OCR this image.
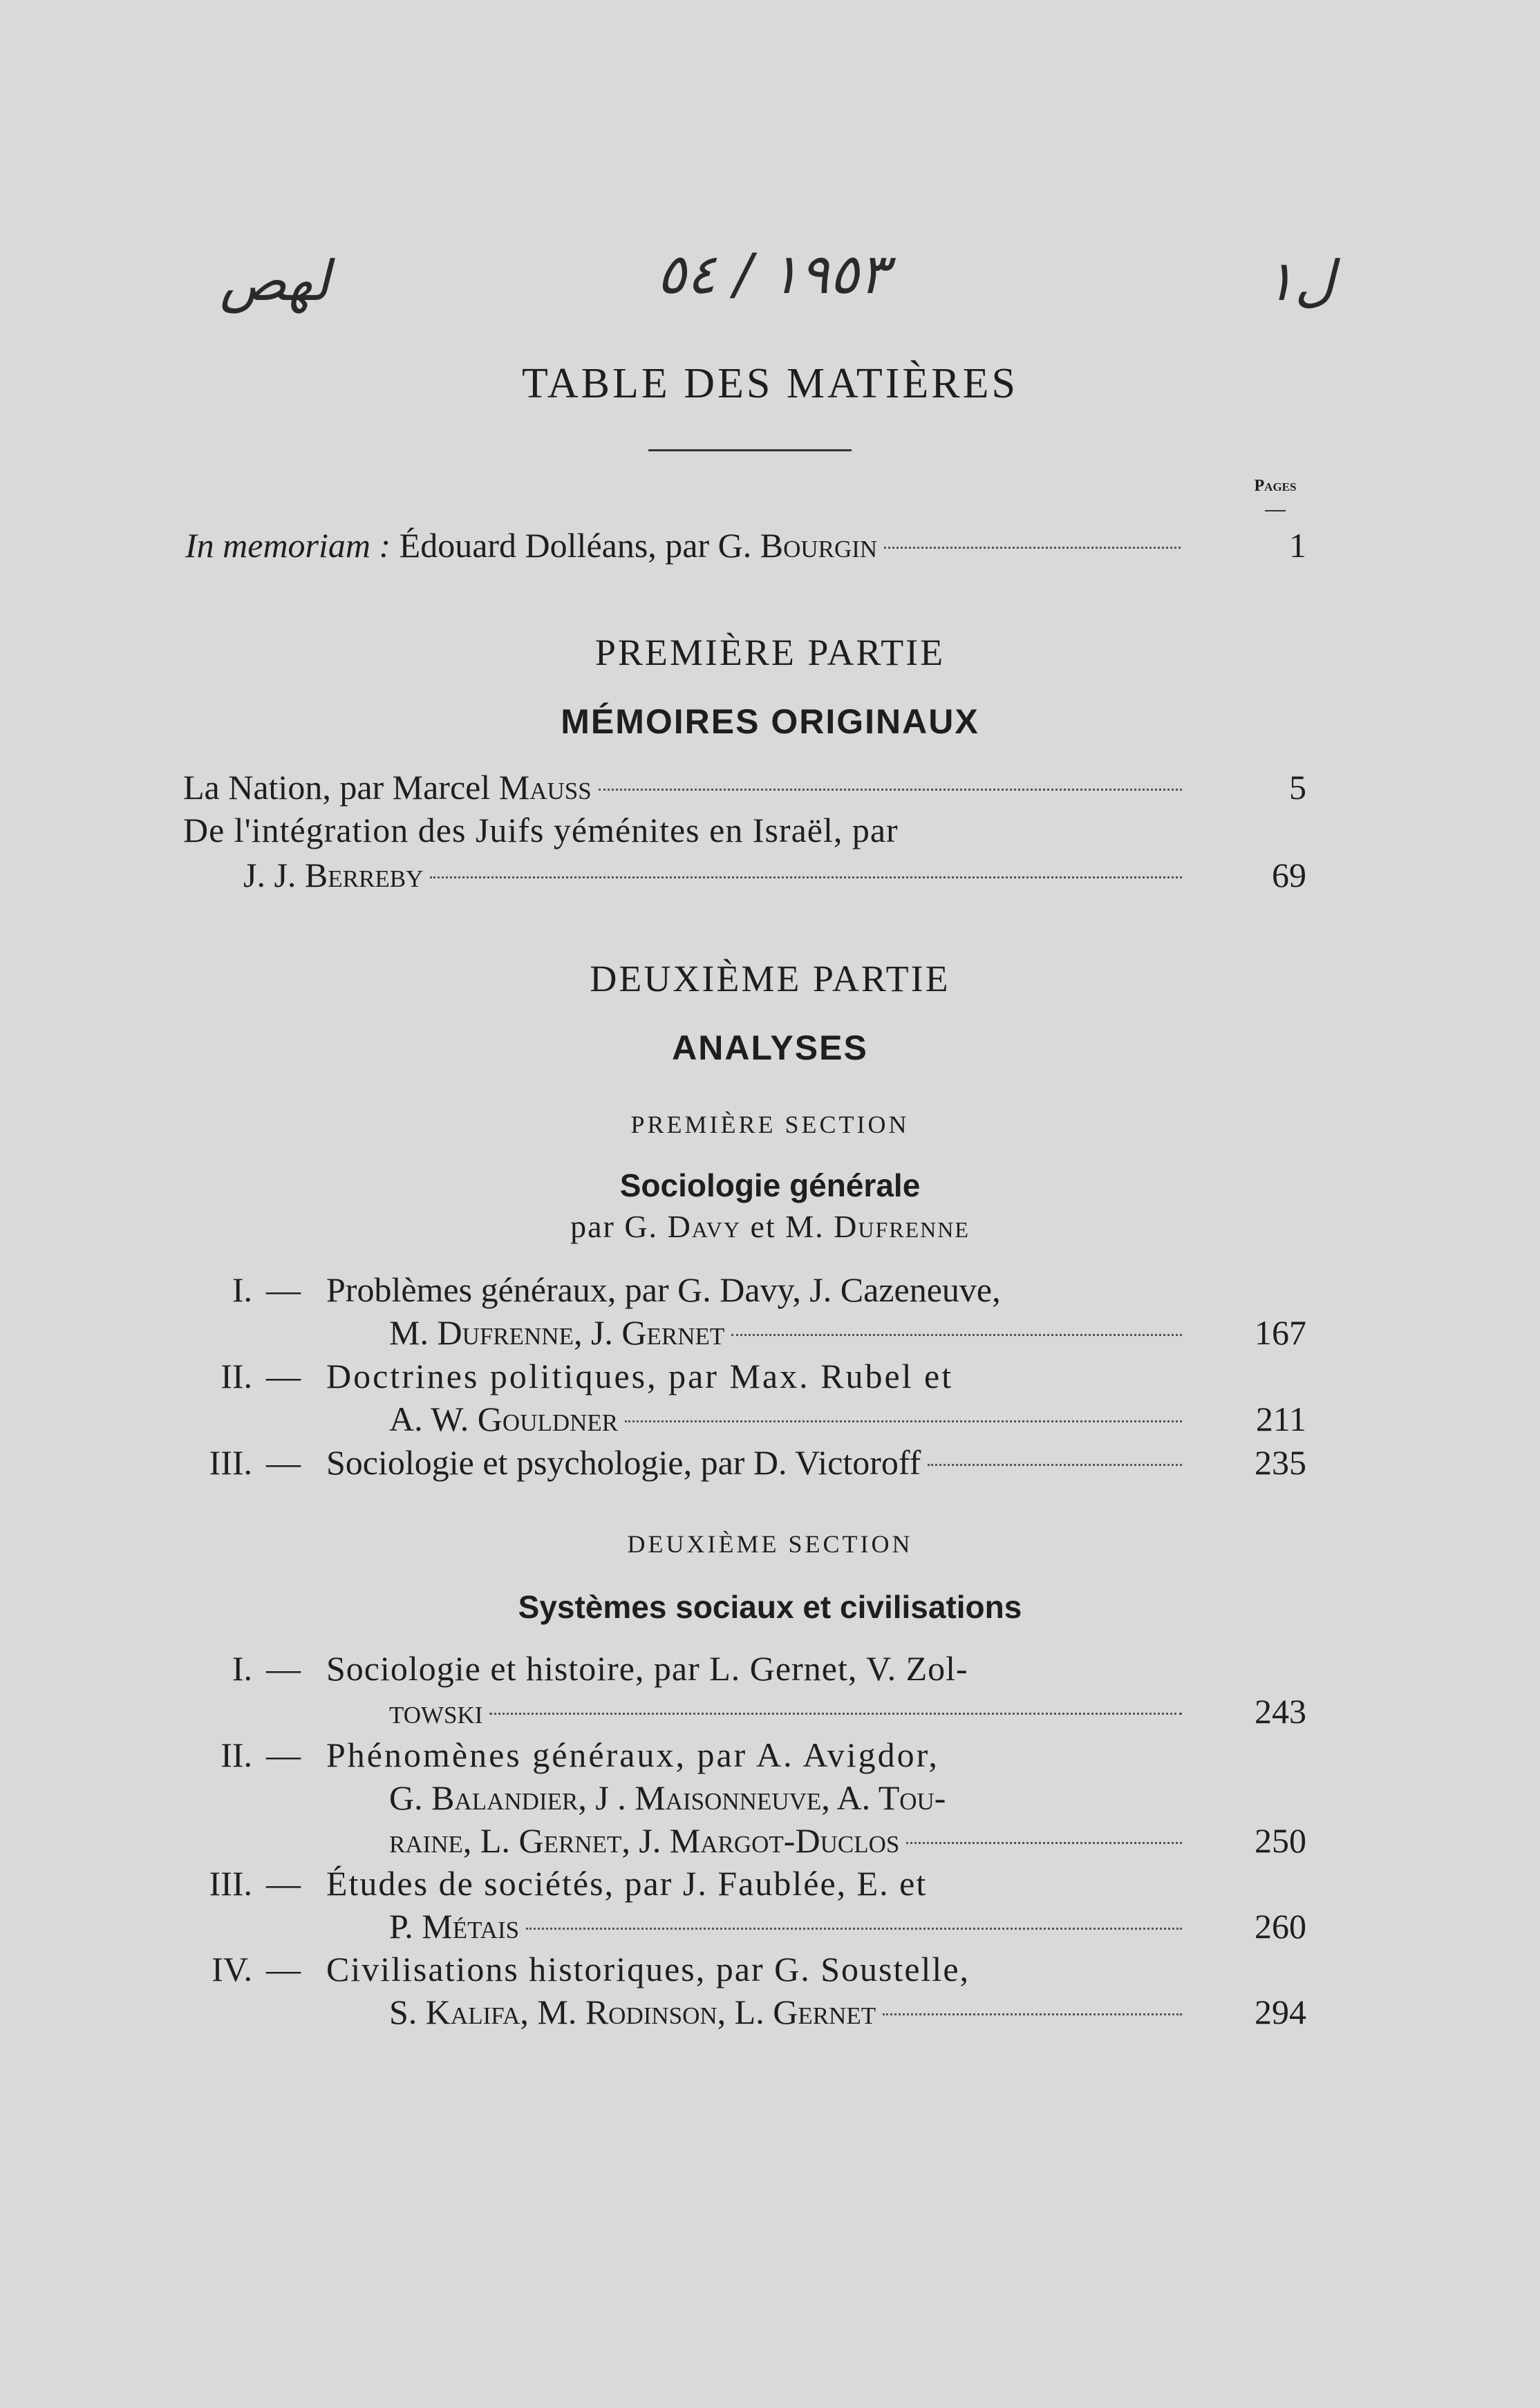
لهص	١٩٥٣ / ٥٤	ل١
TABLE DES MATIÈRES
Pages
In memoriam :
Édouard Dolléans, par G.
Bourgin	1
PREMIÈRE PARTIE
MÉMOIRES ORIGINAUX
La Nation, par Marcel
Mauss	5
De l'intégration des Juifs yéménites en Israël, par
J. J.
Berreby	69
DEUXIÈME PARTIE
ANALYSES
PREMIÈRE SECTION
Sociologie générale
par G. Davy et M. Dufrenne
I. — Problèmes généraux, par G. Davy, J. Cazeneuve,
M. Dufrenne, J. Gernet	167
II. — Doctrines politiques, par Max. Rubel et
A. W. Gouldner	211
III. — Sociologie et psychologie, par D. Victoroff	235
DEUXIÈME SECTION
Systèmes sociaux et civilisations
I. — Sociologie et histoire, par L. Gernet, V. Zol-
towski	243
II. — Phénomènes généraux, par A. Avigdor,
G. Balandier, J . Maisonneuve, A. Tou-
raine, L. Gernet, J. Margot-Duclos	250
III. — Études de sociétés, par J. Faublée, E. et
P. Métais	260
IV. — Civilisations historiques, par G. Soustelle,
S. Kalifa, M. Rodinson, L. Gernet	294
